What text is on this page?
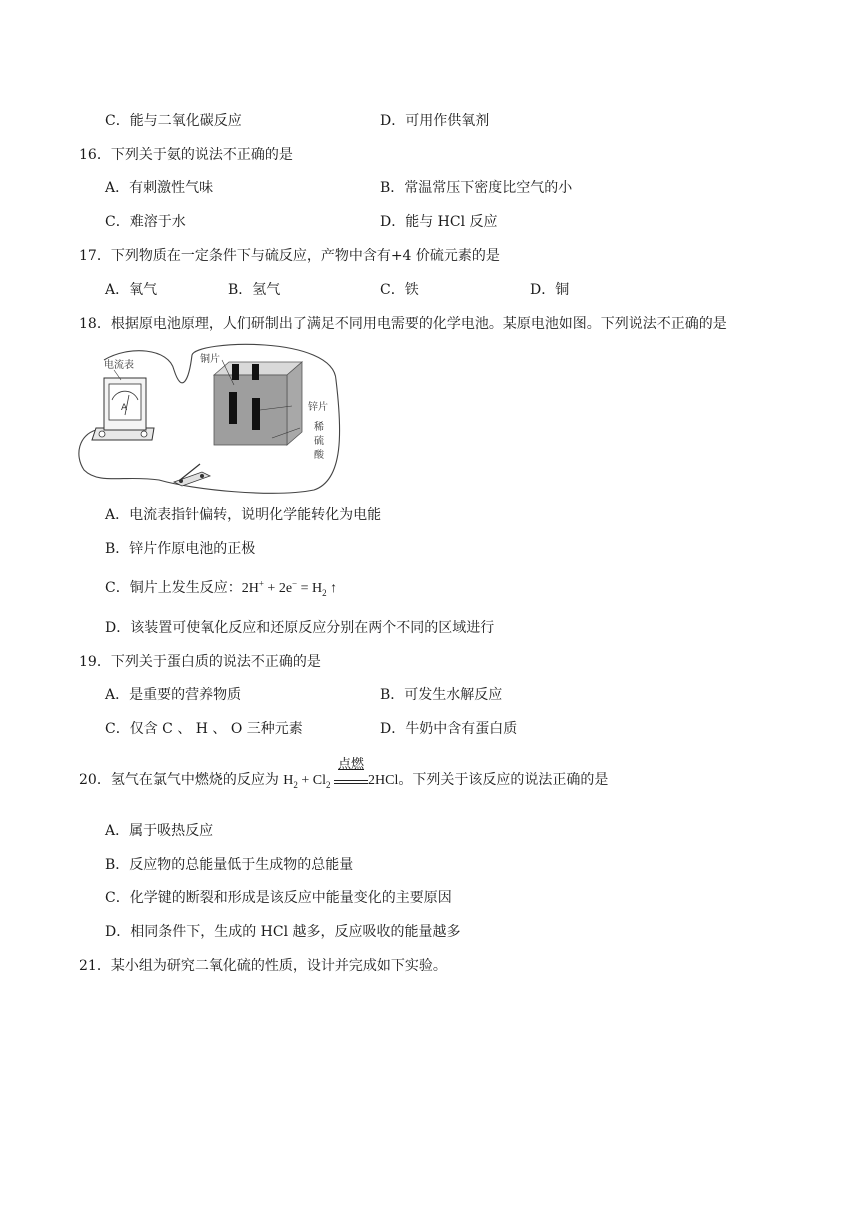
C．能与二氧化碳反应	D．可用作供氧剂
16．下列关于氨的说法不正确的是
A．有刺激性气味	B．常温常压下密度比空气的小
C．难溶于水	D．能与 HCl 反应
17．下列物质在一定条件下与硫反应，产物中含有+4 价硫元素的是
A．氧气	B．氢气	C．铁	D．铜
18．根据原电池原理，人们研制出了满足不同用电需要的化学电池。某原电池如图。下列说法不正确的是
电流表
A
铜片
锌片
稀
硫
酸
A．电流表指针偏转，说明化学能转化为电能
B．锌片作原电池的正极
C．铜片上发生反应：$2H^+ + 2e^- = H_2$ ↑
D．该装置可使氧化反应和还原反应分别在两个不同的区域进行
19．下列关于蛋白质的说法不正确的是
A．是重要的营养物质	B．可发生水解反应
C．仅含 C 、 H 、 O 三种元素	D．牛奶中含有蛋白质
20．氢气在氯气中燃烧的反应为 $H_2 + Cl_2$
点燃
2HCl。下列关于该反应的说法正确的是
A．属于吸热反应
B．反应物的总能量低于生成物的总能量
C．化学键的断裂和形成是该反应中能量变化的主要原因
D．相同条件下，生成的 HCl 越多，反应吸收的能量越多
21．某小组为研究二氧化硫的性质，设计并完成如下实验。
